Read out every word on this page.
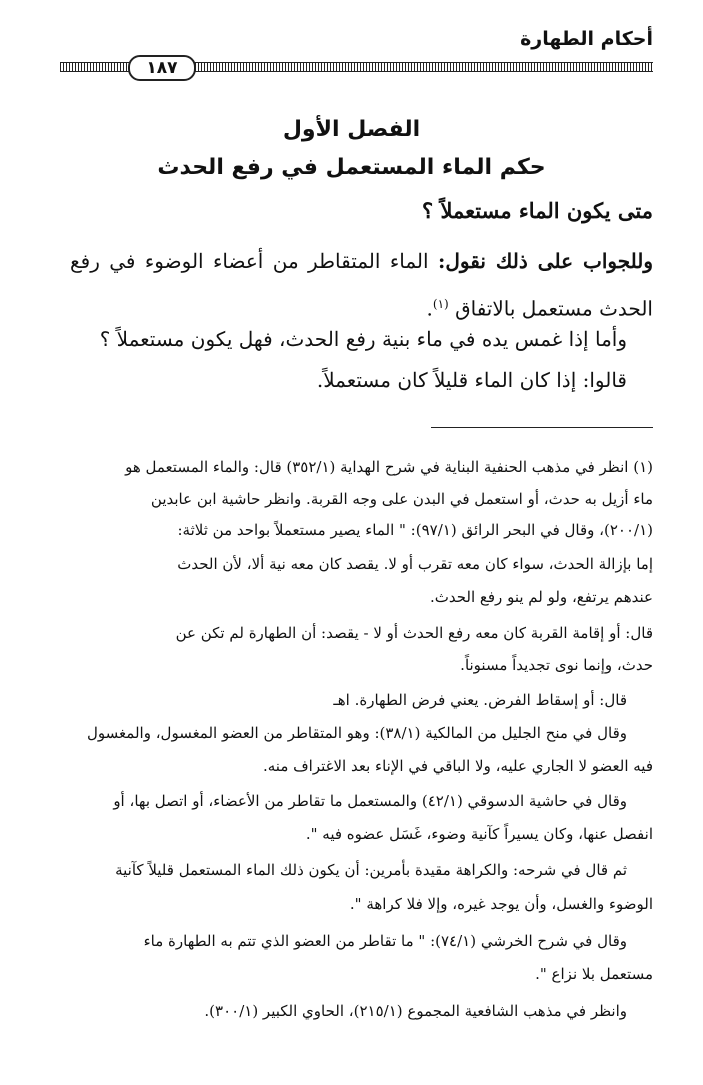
أحكام الطهارة
١٨٧
الفصل الأول
حكم الماء المستعمل في رفع الحدث
متى يكون الماء مستعملاً ؟
وللجواب على ذلك نقول: الماء المتقاطر من أعضاء الوضوء في رفع الحدث مستعمل بالاتفاق $^{(١)}$.
وأما إذا غمس يده في ماء بنية رفع الحدث، فهل يكون مستعملاً ؟
قالوا: إذا كان الماء قليلاً كان مستعملاً.
(١) انظر في مذهب الحنفية البناية في شرح الهداية (٣٥٢/١) قال: والماء المستعمل هو
ماء أزيل به حدث، أو استعمل في البدن على وجه القربة. وانظر حاشية ابن عابدين
(٢٠٠/١)، وقال في البحر الرائق (٩٧/١): " الماء يصير مستعملاً بواحد من ثلاثة:
إما بإزالة الحدث، سواء كان معه تقرب أو لا. يقصد كان معه نية ألا، لأن الحدث
عندهم يرتفع، ولو لم ينو رفع الحدث.
قال: أو إقامة القربة كان معه رفع الحدث أو لا - يقصد: أن الطهارة لم تكن عن
حدث، وإنما نوى تجديداً مسنوناً.
قال: أو إسقاط الفرض. يعني فرض الطهارة. اهـ
وقال في منح الجليل من المالكية (٣٨/١): وهو المتقاطر من العضو المغسول، والمغسول
فيه العضو لا الجاري عليه، ولا الباقي في الإناء بعد الاغتراف منه.
وقال في حاشية الدسوقي (٤٢/١) والمستعمل ما تقاطر من الأعضاء، أو اتصل بها، أو
انفصل عنها، وكان يسيراً كآنية وضوء، غَسَل عضوه فيه ".
ثم قال في شرحه: والكراهة مقيدة بأمرين: أن يكون ذلك الماء المستعمل قليلاً كآنية
الوضوء والغسل، وأن يوجد غيره، وإلا فلا كراهة ".
وقال في شرح الخرشي (٧٤/١): " ما تقاطر من العضو الذي تتم به الطهارة ماء
مستعمل بلا نزاع ".
وانظر في مذهب الشافعية المجموع (٢١٥/١)، الحاوي الكبير (٣٠٠/١).
